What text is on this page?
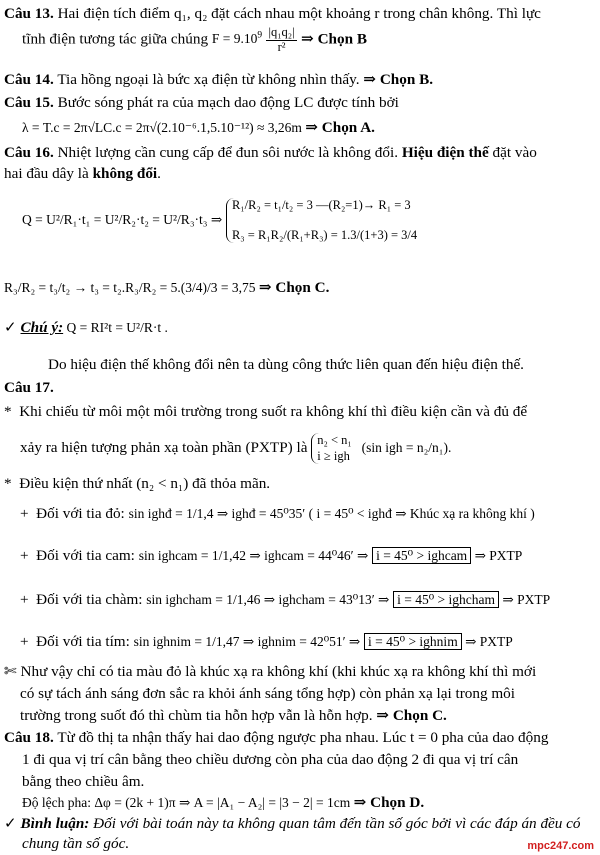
Câu 13. Hai điện tích điểm q₁, q₂ đặt cách nhau một khoảng r trong chân không. Thì lực
tĩnh điện tương tác giữa chúng $F = 9.10^9 \frac{\text{|q₁q₂|}}{\text{r²}}$ ⇒ Chọn B
Câu 14. Tia hồng ngoại là bức xạ điện từ không nhìn thấy. ⇒ Chọn B.
Câu 15. Bước sóng phát ra của mạch dao động LC được tính bởi
λ = T.c = 2π√LC.c = 2π√(2.10⁻⁶.1,5.10⁻¹²) ≈ 3,26m ⇒ Chọn A.
Câu 16. Nhiệt lượng cần cung cấp để đun sôi nước là không đổi. Hiệu điện thế đặt vào
hai đầu dây là không đổi.
Q = U²/R₁·t₁ = U²/R₂·t₂ = U²/R₃·t₃ ⇒
R₁/R₂ = t₁/t₂ = 3 —(R₂=1)→ R₁ = 3
R₃ = R₁R₂/(R₁+R₃) = 1.3/(1+3) = 3/4
R₃/R₂ = t₃/t₂ → t₃ = t₂.R₃/R₂ = 5.(3/4)/3 = 3,75 ⇒ Chọn C.
✓ Chú ý: Q = RI²t = U²/R·t .
Do hiệu điện thế không đổi nên ta dùng công thức liên quan đến hiệu điện thế.
Câu 17.
*  Khi chiếu từ môi một môi trường trong suốt ra không khí thì điều kiện cần và đủ để
xảy ra hiện tượng phản xạ toàn phần (PXTP) là n₂ < n₁
i ≥ igh
(sin igh = n₂/n₁).
*  Điều kiện thứ nhất (n₂ < n₁) đã thỏa mãn.
+  Đối với tia đỏ: sin ighđ = 1/1,4 ⇒ ighđ = 45⁰35′ ( i = 45⁰ < ighđ ⇒ Khúc xạ ra không khí )
+  Đối với tia cam: sin ighcam = 1/1,42 ⇒ ighcam = 44⁰46′ ⇒ i = 45⁰ > ighcam ⇒ PXTP
+  Đối với tia chàm: sin ighcham = 1/1,46 ⇒ ighcham = 43⁰13′ ⇒ i = 45⁰ > ighcham ⇒ PXTP
+  Đối với tia tím: sin ighnim = 1/1,47 ⇒ ighnim = 42⁰51′ ⇒ i = 45⁰ > ighnim ⇒ PXTP
✄ Như vậy chỉ có tia màu đỏ là khúc xạ ra không khí (khi khúc xạ ra không khí thì mới
có sự tách ánh sáng đơn sắc ra khỏi ánh sáng tổng hợp) còn phản xạ lại trong môi
trường trong suốt đó thì chùm tia hỗn hợp vẫn là hỗn hợp. ⇒ Chọn C.
Câu 18. Từ đồ thị ta nhận thấy hai dao động ngược pha nhau. Lúc t = 0 pha của dao động
1 đi qua vị trí cân bằng theo chiều dương còn pha của dao động 2 đi qua vị trí cân
bằng theo chiều âm.
Độ lệch pha: Δφ = (2k + 1)π ⇒ A = |A₁ − A₂| = |3 − 2| = 1cm ⇒ Chọn D.
✓ Bình luận: Đối với bài toán này ta không quan tâm đến tần số góc bởi vì các đáp án đều có
chung tần số góc.	mpc247.com
